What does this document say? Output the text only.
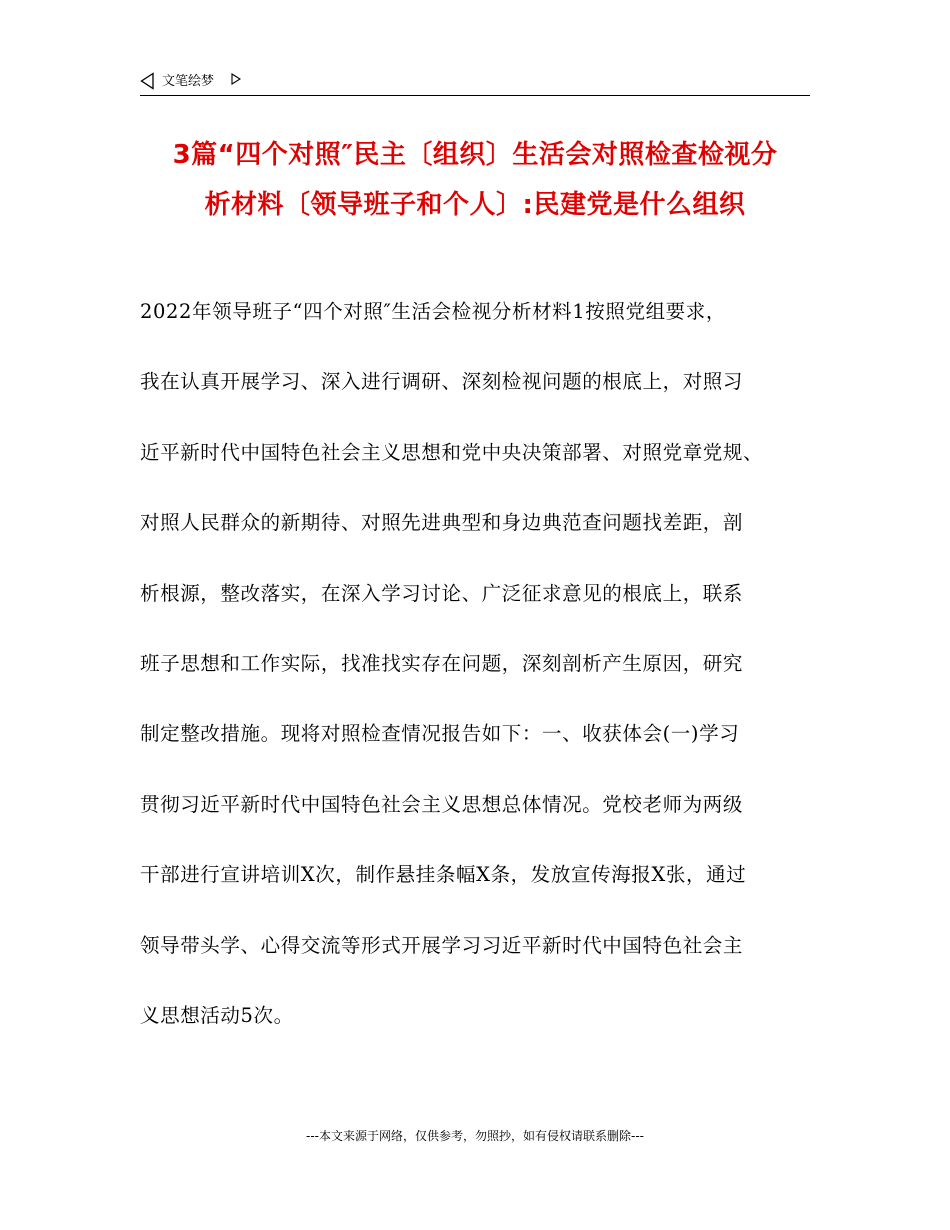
文笔绘梦
3篇“四个对照″民主〔组织〕生活会对照检查检视分
析材料〔领导班子和个人〕:民建党是什么组织
2022年领导班子“四个对照″生活会检视分析材料1按照党组要求，
我在认真开展学习、深入进行调研、深刻检视问题的根底上，对照习
近平新时代中国特色社会主义思想和党中央决策部署、对照党章党规、
对照人民群众的新期待、对照先进典型和身边典范查问题找差距，剖
析根源，整改落实，在深入学习讨论、广泛征求意见的根底上，联系
班子思想和工作实际，找准找实存在问题，深刻剖析产生原因，研究
制定整改措施。现将对照检查情况报告如下：一、收获体会(一)学习
贯彻习近平新时代中国特色社会主义思想总体情况。党校老师为两级
干部进行宣讲培训X次，制作悬挂条幅X条，发放宣传海报X张，通过
领导带头学、心得交流等形式开展学习习近平新时代中国特色社会主
义思想活动5次。
---本文来源于网络，仅供参考，勿照抄，如有侵权请联系删除---
